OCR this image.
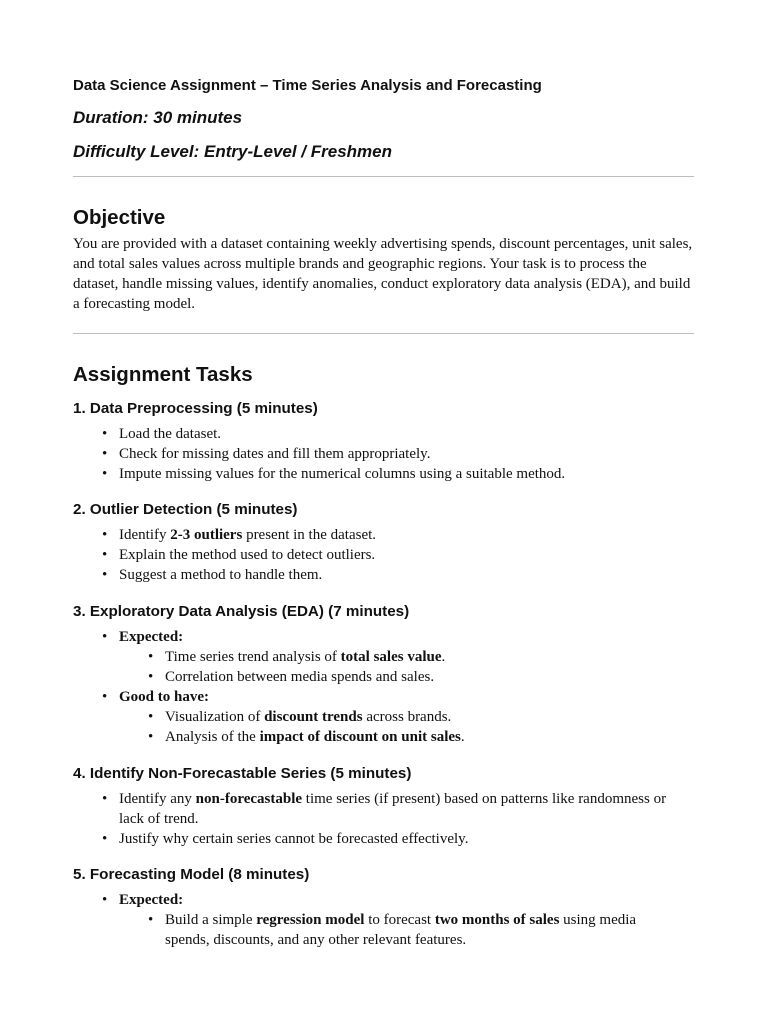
Data Science Assignment – Time Series Analysis and Forecasting
Duration: 30 minutes
Difficulty Level: Entry-Level / Freshmen
Objective
You are provided with a dataset containing weekly advertising spends, discount percentages, unit sales, and total sales values across multiple brands and geographic regions. Your task is to process the dataset, handle missing values, identify anomalies, conduct exploratory data analysis (EDA), and build a forecasting model.
Assignment Tasks
1. Data Preprocessing (5 minutes)
• Load the dataset.
• Check for missing dates and fill them appropriately.
• Impute missing values for the numerical columns using a suitable method.
2. Outlier Detection (5 minutes)
• Identify 2-3 outliers present in the dataset.
• Explain the method used to detect outliers.
• Suggest a method to handle them.
3. Exploratory Data Analysis (EDA) (7 minutes)
• Expected:
• Time series trend analysis of total sales value.
• Correlation between media spends and sales.
• Good to have:
• Visualization of discount trends across brands.
• Analysis of the impact of discount on unit sales.
4. Identify Non-Forecastable Series (5 minutes)
• Identify any non-forecastable time series (if present) based on patterns like randomness or lack of trend.
• Justify why certain series cannot be forecasted effectively.
5. Forecasting Model (8 minutes)
• Expected:
• Build a simple regression model to forecast two months of sales using media spends, discounts, and any other relevant features.
